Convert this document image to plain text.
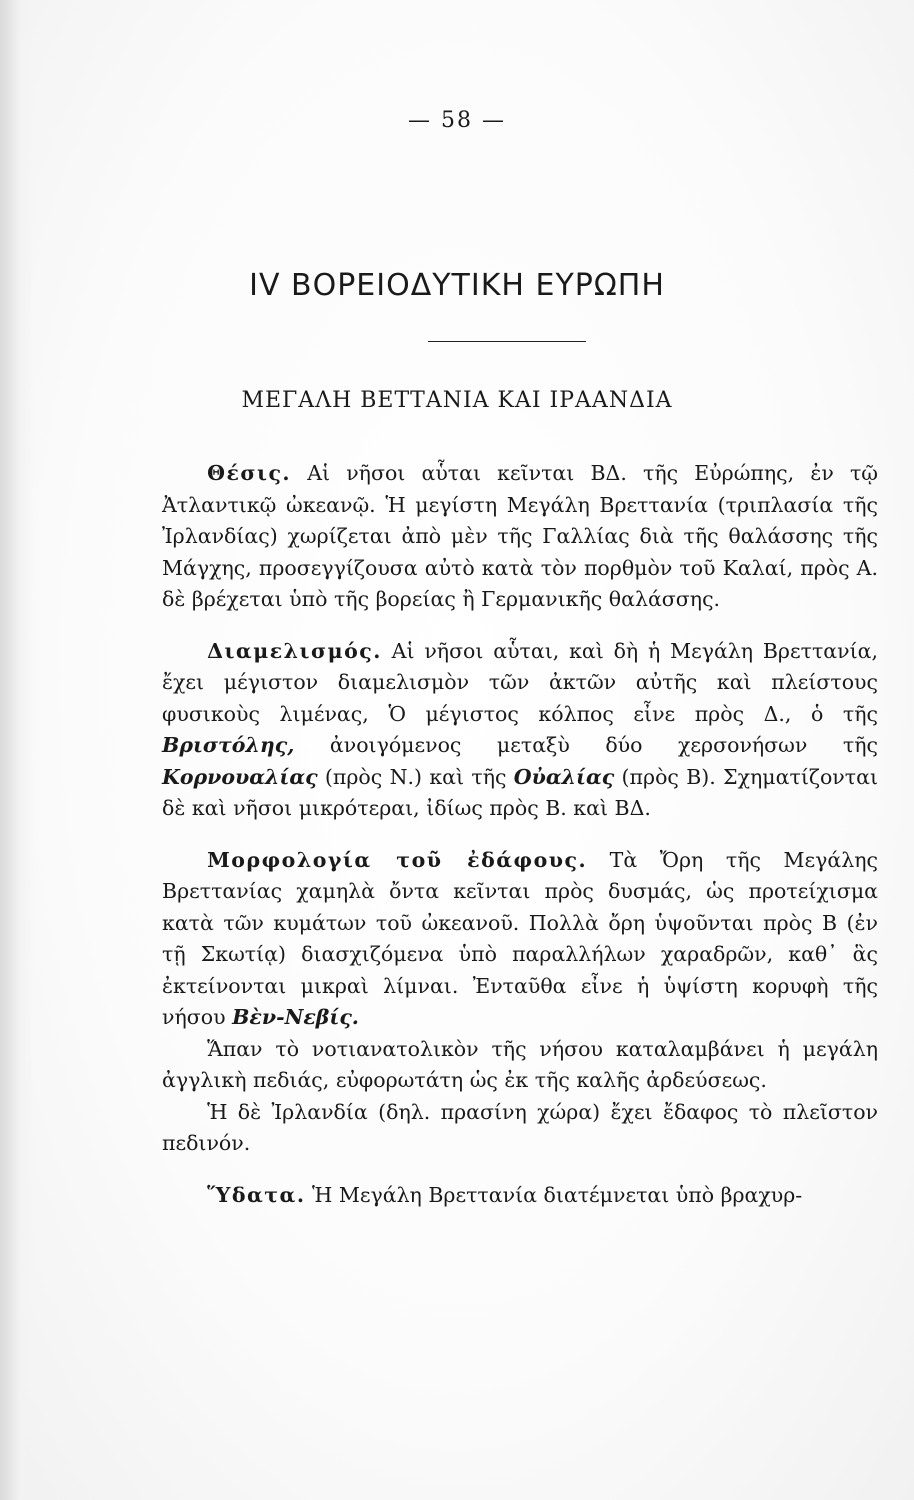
— 58 —
IV ΒΟΡΕΙΟΔΥΤΙΚΗ ΕΥΡΩΠΗ
ΜΕΓΑΛΗ ΒΕΤΤΑΝΙΑ ΚΑΙ ΙΡΑΑΝΔΙΑ

Θέσις. Αἱ νῆσοι αὗται κεῖνται ΒΔ. τῆς Εὐρώπης, ἐν τῷ Ἀτλαντικῷ ὠκεανῷ. Ἡ μεγίστη Μεγάλη Βρεττανία (τριπλασία τῆς Ἰρλανδίας) χωρίζεται ἀπὸ μὲν τῆς Γαλλίας διὰ τῆς θαλάσσης τῆς Μάγχης, προσεγγίζουσα αὐτὸ κατὰ τὸν πορθμὸν τοῦ Καλαί, πρὸς Α. δὲ βρέχεται ὑπὸ τῆς βορείας ἢ Γερμανικῆς θαλάσσης.

Διαμελισμός. Αἱ νῆσοι αὗται, καὶ δὴ ἡ Μεγάλη Βρεττανία, ἔχει μέγιστον διαμελισμὸν τῶν ἀκτῶν αὐτῆς καὶ πλείστους φυσικοὺς λιμένας, Ὁ μέγιστος κόλπος εἶνε πρὸς Δ., ὁ τῆς Βριστόλης, ἀνοιγόμενος μεταξὺ δύο χερσονήσων τῆς Κορνουαλίας (πρὸς Ν.) καὶ τῆς Οὐαλίας (πρὸς Β). Σχηματίζονται δὲ καὶ νῆσοι μικρότεραι, ἰδίως πρὸς Β. καὶ ΒΔ.

Μορφολογία τοῦ ἐδάφους. Τὰ Ὄρη τῆς Μεγάλης Βρεττανίας χαμηλὰ ὄντα κεῖνται πρὸς δυσμάς, ὡς προτείχισμα κατὰ τῶν κυμάτων τοῦ ὠκεανοῦ. Πολλὰ ὄρη ὑψοῦνται πρὸς Β (ἐν τῇ Σκωτίᾳ) διασχιζόμενα ὑπὸ παραλλήλων χαραδρῶν, καθ᾽ ἃς ἐκτείνονται μικραὶ λίμναι. Ἐνταῦθα εἶνε ἡ ὑψίστη κορυφὴ τῆς νήσου Βὲν-Νεβίς.

Ἅπαν τὸ νοτιανατολικὸν τῆς νήσου καταλαμβάνει ἡ μεγάλη ἀγγλικὴ πεδιάς, εὐφορωτάτη ὡς ἐκ τῆς καλῆς ἀρδεύσεως.

Ἡ δὲ Ἰρλανδία (δηλ. πρασίνη χώρα) ἔχει ἔδαφος τὸ πλεῖστον πεδινόν.

Ὕδατα. Ἡ Μεγάλη Βρεττανία διατέμνεται ὑπὸ βραχυρ-
